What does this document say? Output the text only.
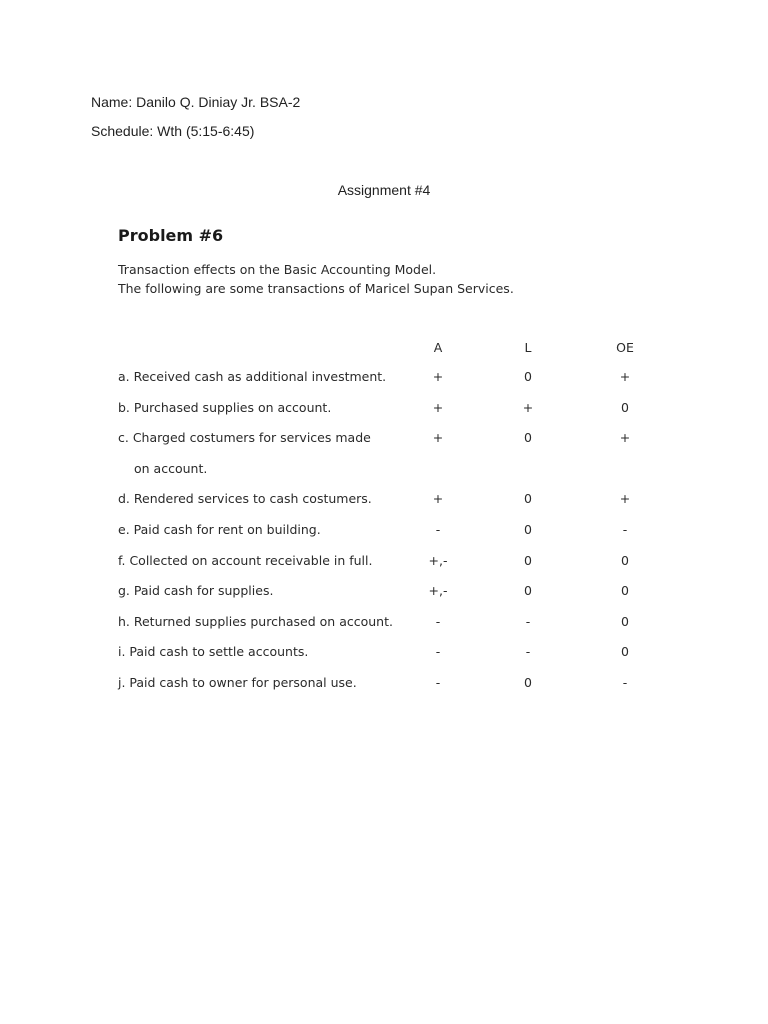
Name: Danilo Q. Diniay Jr. BSA-2
Schedule: Wth (5:15-6:45)
Assignment #4
Problem #6
Transaction effects on the Basic Accounting Model.
The following are some transactions of Maricel Supan Services.
A	L	OE
a. Received cash as additional investment.	+	0	+
b. Purchased supplies on account.	+	+	0
c. Charged costumers for services made	+	0	+
on account.
d. Rendered services to cash costumers.	+	0	+
e. Paid cash for rent on building.	-	0	-
f. Collected on account receivable in full.	+,-	0	0
g. Paid cash for supplies.	+,-	0	0
h. Returned supplies purchased on account.	-	-	0
i. Paid cash to settle accounts.	-	-	0
j. Paid cash to owner for personal use.	-	0	-
